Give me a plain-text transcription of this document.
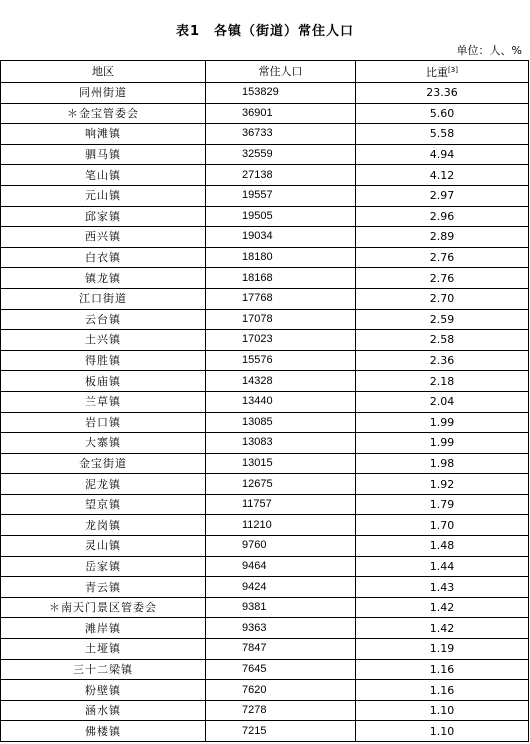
表1　各镇（街道）常住人口
单位：人、%
地区	常住人口	比重[3]
同州街道	153829	23.36
＊金宝管委会	36901	5.60
响滩镇	36733	5.58
驷马镇	32559	4.94
笔山镇	27138	4.12
元山镇	19557	2.97
邱家镇	19505	2.96
西兴镇	19034	2.89
白衣镇	18180	2.76
镇龙镇	18168	2.76
江口街道	17768	2.70
云台镇	17078	2.59
土兴镇	17023	2.58
得胜镇	15576	2.36
板庙镇	14328	2.18
兰草镇	13440	2.04
岩口镇	13085	1.99
大寨镇	13083	1.99
金宝街道	13015	1.98
泥龙镇	12675	1.92
望京镇	11757	1.79
龙岗镇	11210	1.70
灵山镇	9760	1.48
岳家镇	9464	1.44
青云镇	9424	1.43
＊南天门景区管委会	9381	1.42
滩岸镇	9363	1.42
土垭镇	7847	1.19
三十二梁镇	7645	1.16
粉壁镇	7620	1.16
涵水镇	7278	1.10
佛楼镇	7215	1.10
